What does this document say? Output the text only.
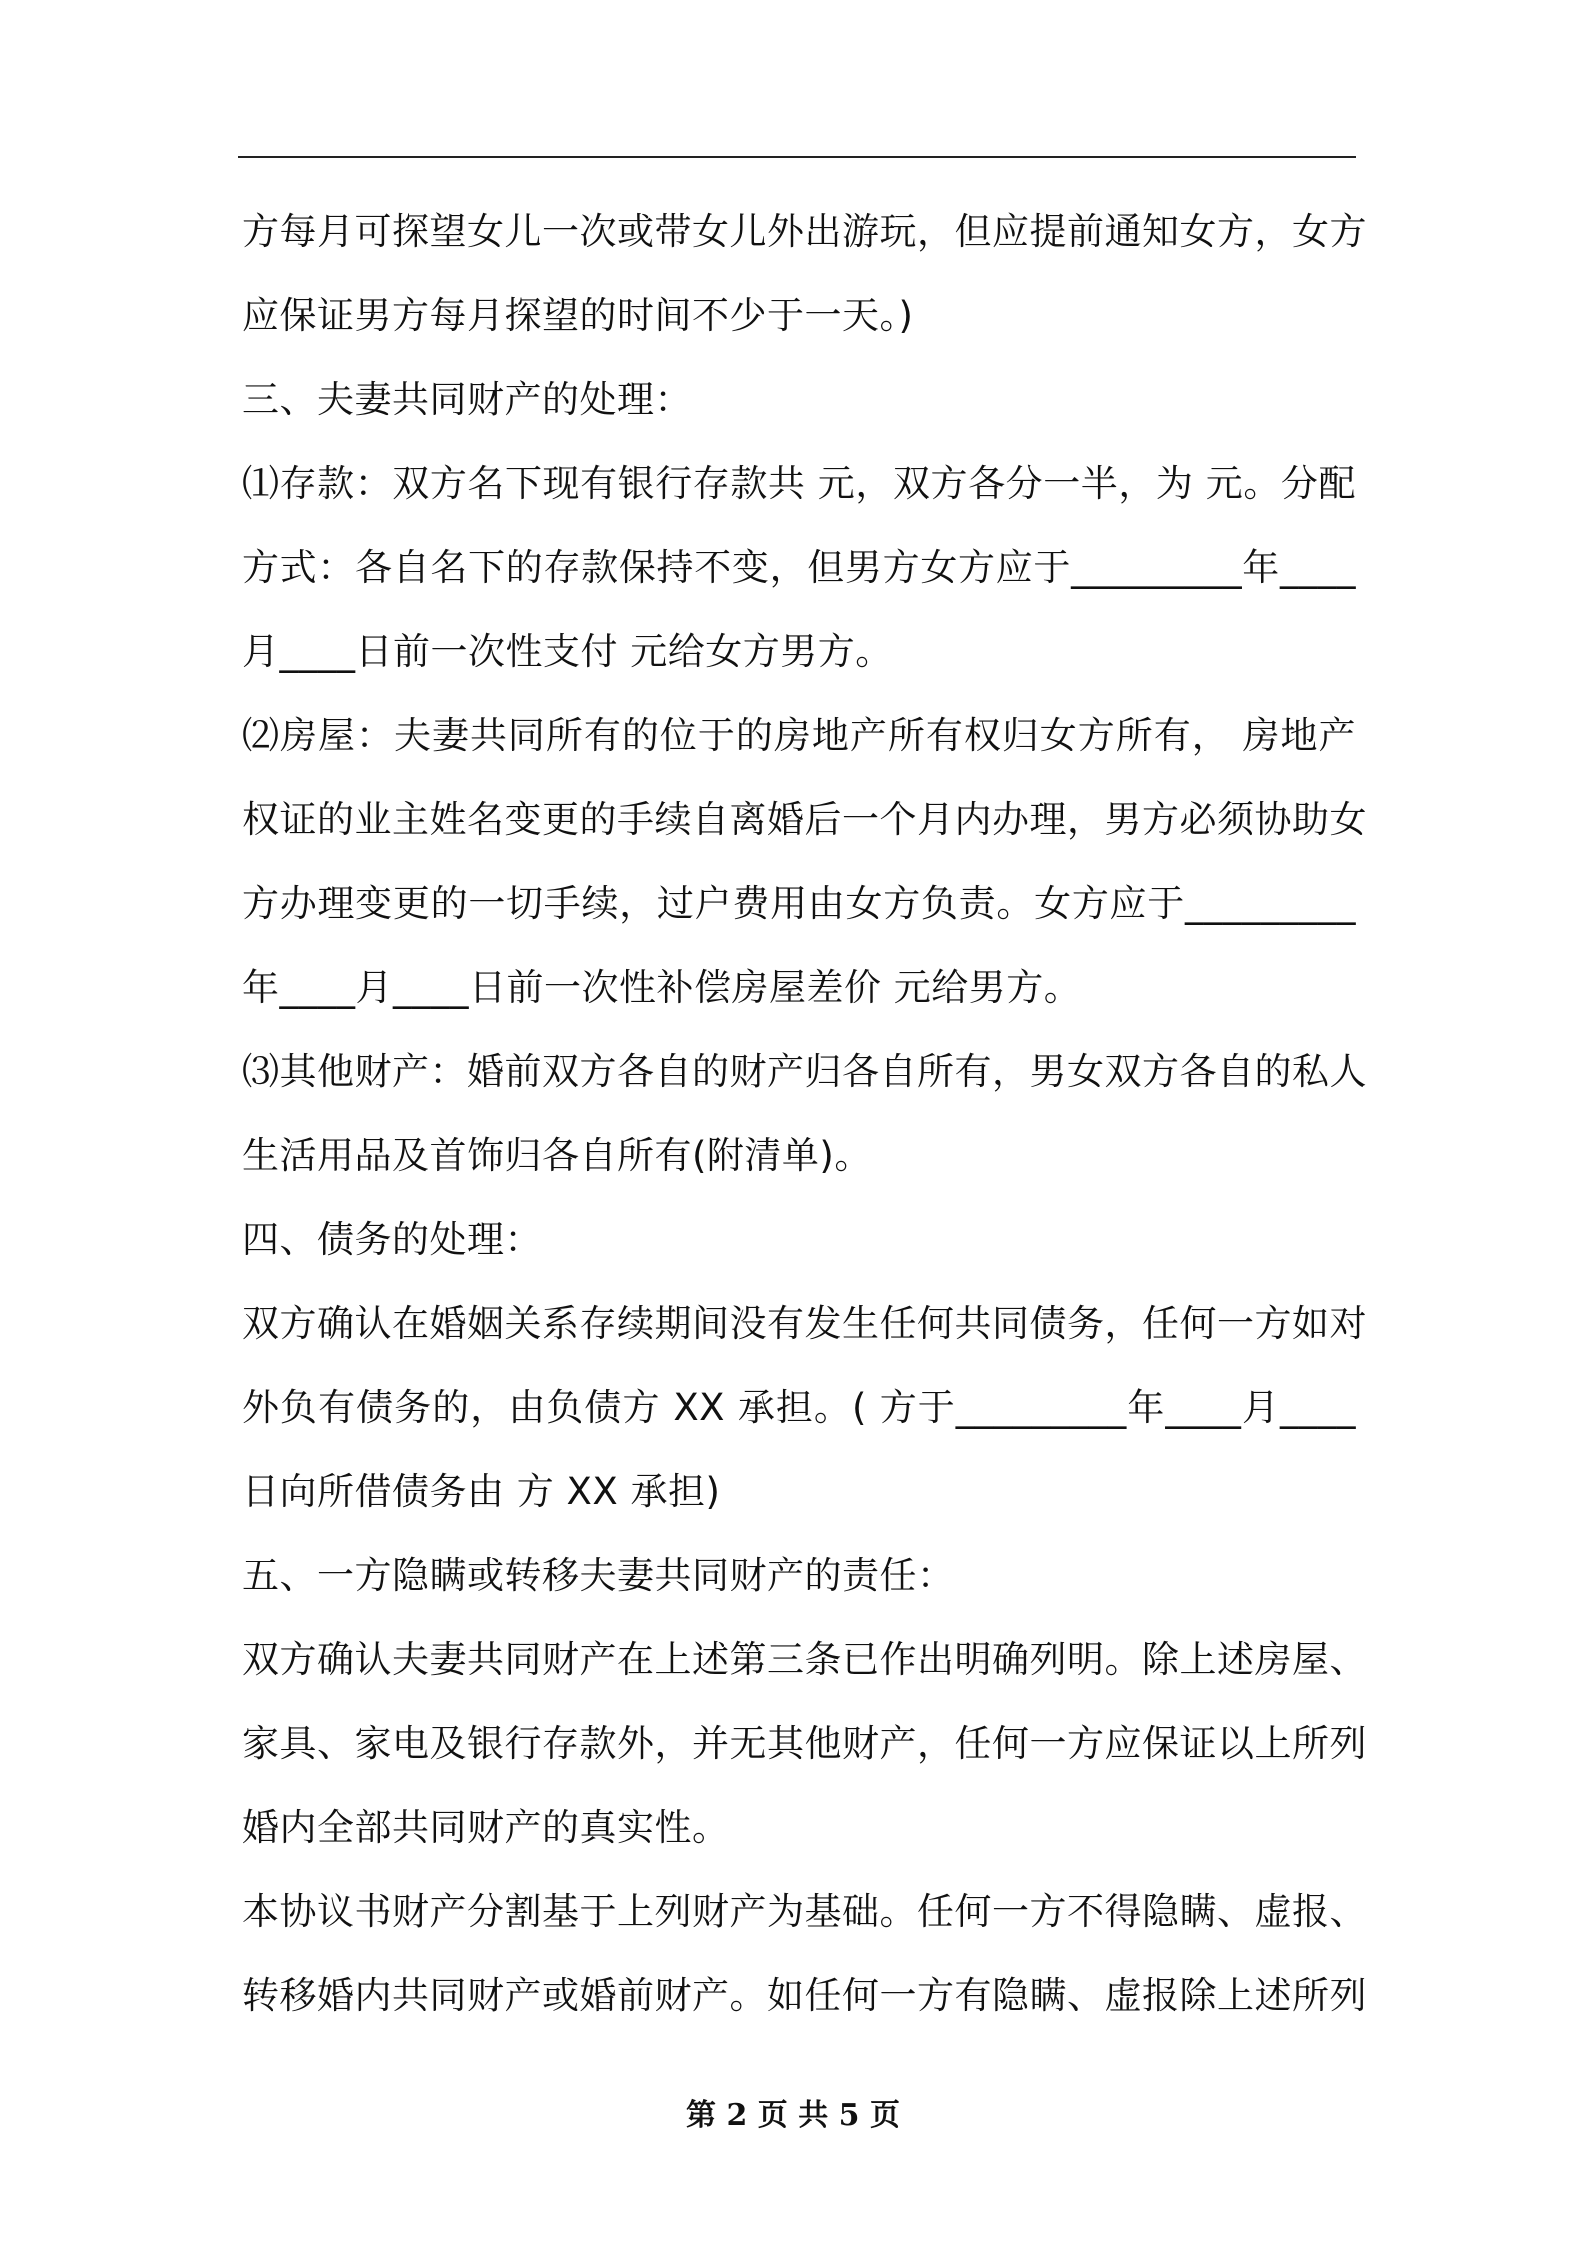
方每月可探望女儿一次或带女儿外出游玩，但应提前通知女方，女方
应保证男方每月探望的时间不少于一天。)
三、夫妻共同财产的处理：
⑴存款：双方名下现有银行存款共 元，双方各分一半，为 元。分配
方式：各自名下的存款保持不变，但男方女方应于_________年____
月____日前一次性支付 元给女方男方。
⑵房屋：夫妻共同所有的位于的房地产所有权归女方所有， 房地产
权证的业主姓名变更的手续自离婚后一个月内办理，男方必须协助女
方办理变更的一切手续，过户费用由女方负责。女方应于_________
年____月____日前一次性补偿房屋差价 元给男方。
⑶其他财产：婚前双方各自的财产归各自所有，男女双方各自的私人
生活用品及首饰归各自所有(附清单)。
四、债务的处理：
双方确认在婚姻关系存续期间没有发生任何共同债务，任何一方如对
外负有债务的，由负债方 XX 承担。( 方于_________年____月____
日向所借债务由 方 XX 承担)
五、一方隐瞒或转移夫妻共同财产的责任：
双方确认夫妻共同财产在上述第三条已作出明确列明。除上述房屋、
家具、家电及银行存款外，并无其他财产，任何一方应保证以上所列
婚内全部共同财产的真实性。
本协议书财产分割基于上列财产为基础。任何一方不得隐瞒、虚报、
转移婚内共同财产或婚前财产。如任何一方有隐瞒、虚报除上述所列
第 2 页 共 5 页
